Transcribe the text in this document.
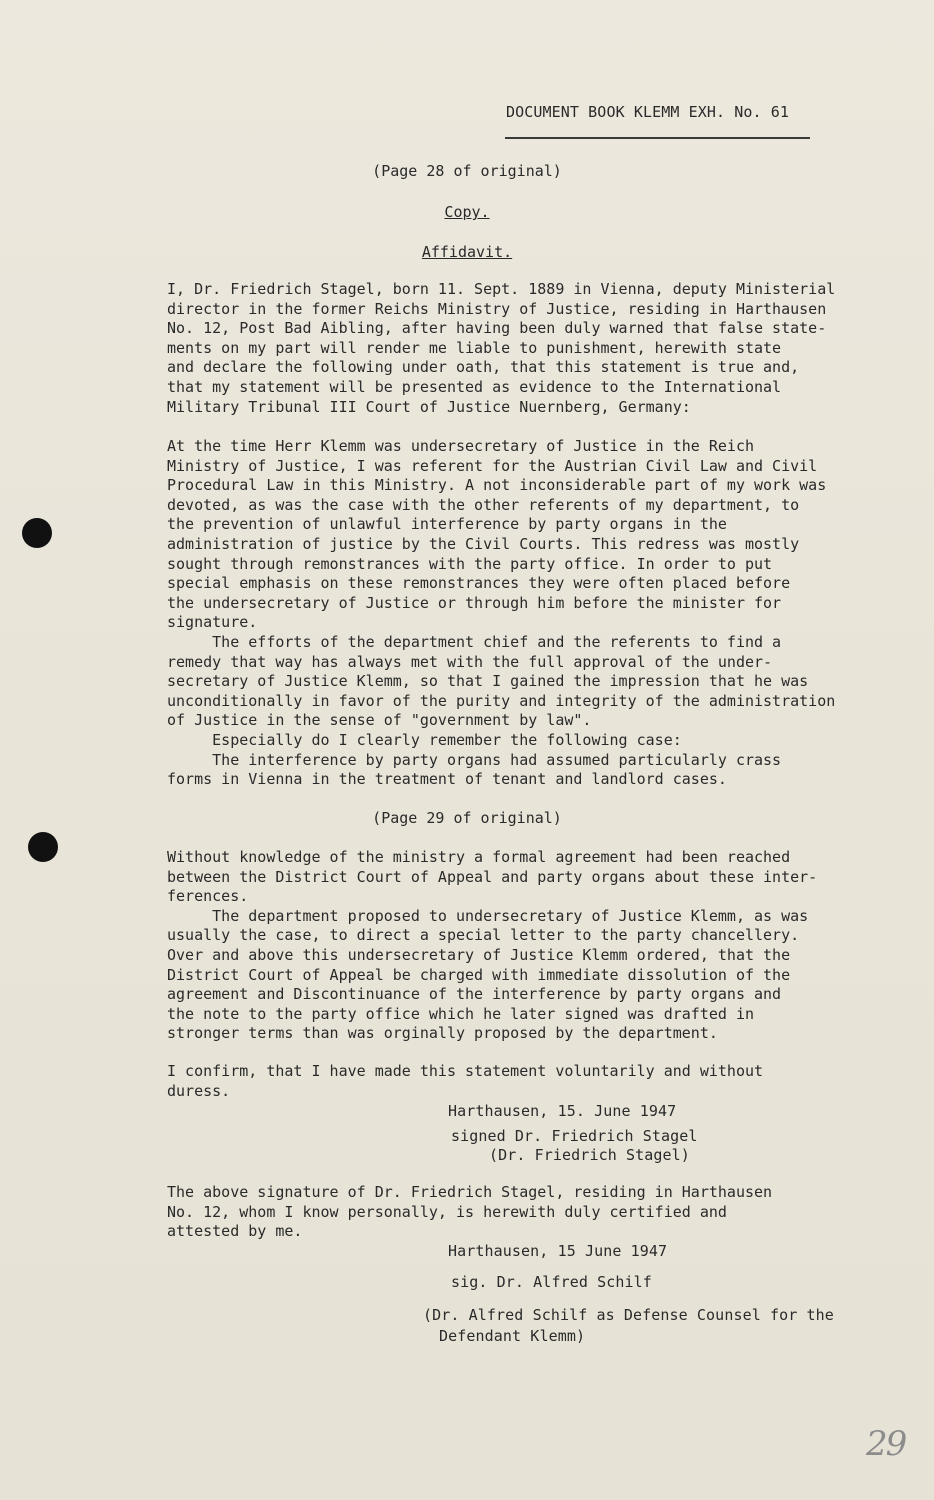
DOCUMENT BOOK KLEMM EXH. No. 61
(Page 28 of original)
Copy.
Affidavit.
I, Dr. Friedrich Stagel, born 11. Sept. 1889 in Vienna, deputy Ministerial
director in the former Reichs Ministry of Justice, residing in Harthausen
No. 12, Post Bad Aibling, after having been duly warned that false state-
ments on my part will render me liable to punishment, herewith state
and declare the following under oath, that this statement is true and,
that my statement will be presented as evidence to the International
Military Tribunal III Court of Justice Nuernberg, Germany:
At the time Herr Klemm was undersecretary of Justice in the Reich
Ministry of Justice, I was referent for the Austrian Civil Law and Civil
Procedural Law in this Ministry. A not inconsiderable part of my work was
devoted, as was the case with the other referents of my department, to
the prevention of unlawful interference by party organs in the
administration of justice by the Civil Courts. This redress was mostly
sought through remonstrances with the party office. In order to put
special emphasis on these remonstrances they were often placed before
the undersecretary of Justice or through him before the minister for
signature.
The efforts of the department chief and the referents to find a
remedy that way has always met with the full approval of the under-
secretary of Justice Klemm, so that I gained the impression that he was
unconditionally in favor of the purity and integrity of the administration
of Justice in the sense of "government by law".
Especially do I clearly remember the following case:
The interference by party organs had assumed particularly crass
forms in Vienna in the treatment of tenant and landlord cases.
(Page 29 of original)
Without knowledge of the ministry a formal agreement had been reached
between the District Court of Appeal and party organs about these inter-
ferences.
The department proposed to undersecretary of Justice Klemm, as was
usually the case, to direct a special letter to the party chancellery.
Over and above this undersecretary of Justice Klemm ordered, that the
District Court of Appeal be charged with immediate dissolution of the
agreement and Discontinuance of the interference by party organs and
the note to the party office which he later signed was drafted in
stronger terms than was orginally proposed by the department.
I confirm, that I have made this statement voluntarily and without
duress.
Harthausen, 15. June 1947
signed Dr. Friedrich Stagel
(Dr. Friedrich Stagel)
The above signature of Dr. Friedrich Stagel, residing in Harthausen
No. 12, whom I know personally, is herewith duly certified and
attested by me.
Harthausen, 15 June 1947
sig. Dr. Alfred Schilf
(Dr. Alfred Schilf as Defense Counsel for the
Defendant Klemm)
29
